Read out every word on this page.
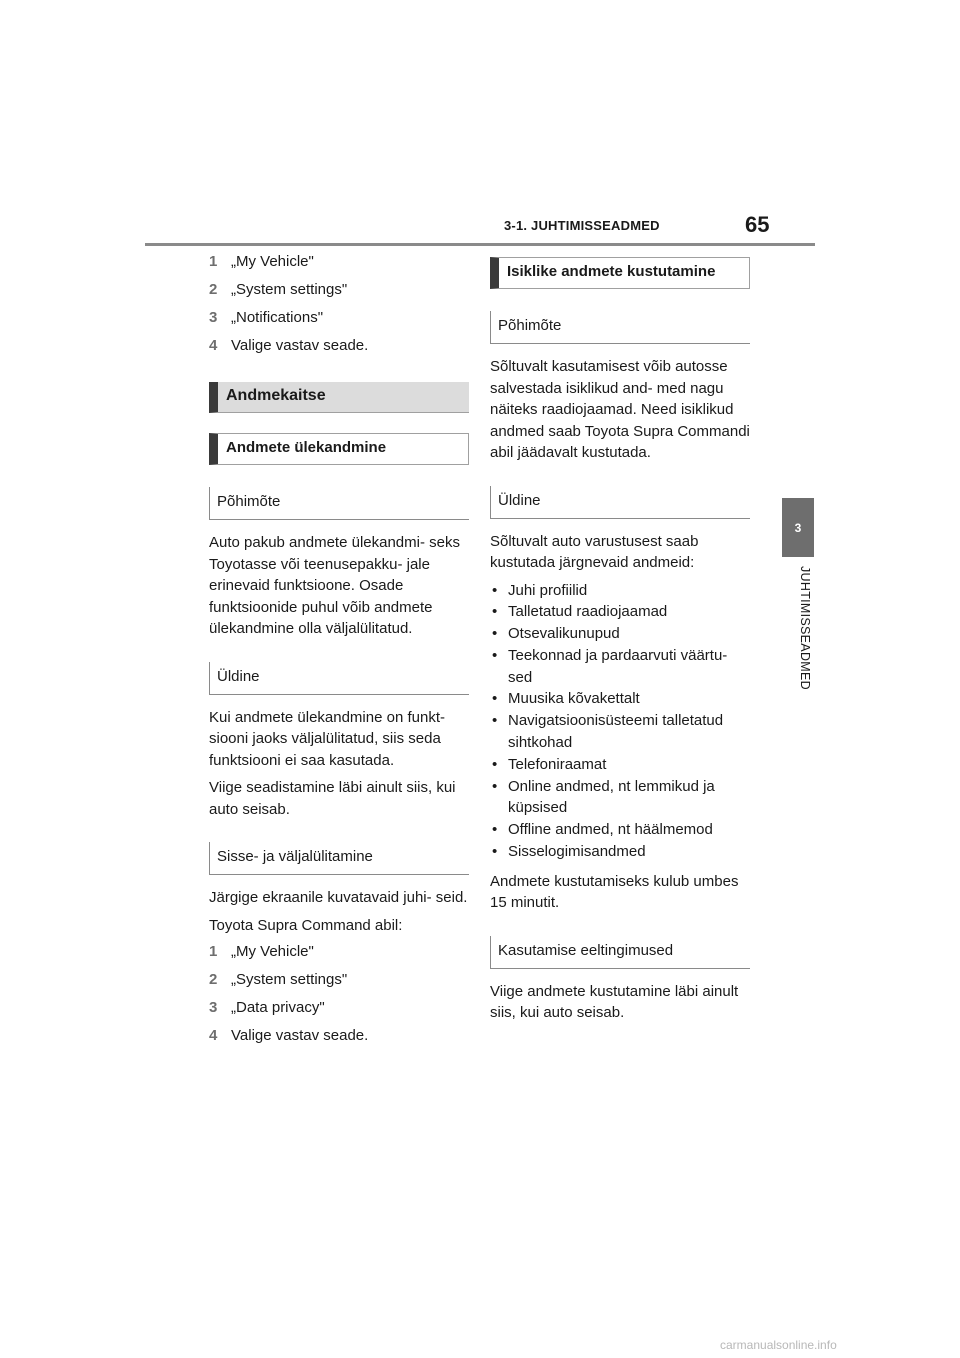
3-1. JUHTIMISSEADMED	65
3
JUHTIMISSEADMED
1 „My Vehicle"
2 „System settings"
3 „Notifications"
4 Valige vastav seade.
Andmekaitse
Andmete ülekandmine
Põhimõte

Auto pakub andmete ülekandmi- seks Toyotasse või teenusepakku- jale erinevaid funktsioone. Osade funktsioonide puhul võib andmete ülekandmine olla väljalülitatud.

Üldine

Kui andmete ülekandmine on funkt- siooni jaoks väljalülitatud, siis seda funktsiooni ei saa kasutada.

Viige seadistamine läbi ainult siis, kui auto seisab.

Sisse- ja väljalülitamine

Järgige ekraanile kuvatavaid juhi- seid.

Toyota Supra Command abil:

1 „My Vehicle"
2 „System settings"
3 „Data privacy"
4 Valige vastav seade.
Isiklike andmete kustutamine
Põhimõte

Sõltuvalt kasutamisest võib autosse salvestada isiklikud and- med nagu näiteks raadiojaamad. Need isiklikud andmed saab Toyota Supra Commandi abil jäädavalt kustutada.

Üldine

Sõltuvalt auto varustusest saab kustutada järgnevaid andmeid:

• Juhi profiilid
• Talletatud raadiojaamad
• Otsevalikunupud
• Teekonnad ja pardaarvuti väärtu- sed
• Muusika kõvakettalt
• Navigatsioonisüsteemi talletatud sihtkohad
• Telefoniraamat
• Online andmed, nt lemmikud ja küpsised
• Offline andmed, nt häälmemod
• Sisselogimisandmed

Andmete kustutamiseks kulub umbes 15 minutit.

Kasutamise eeltingimused

Viige andmete kustutamine läbi ainult siis, kui auto seisab.

carmanualsonline.info
